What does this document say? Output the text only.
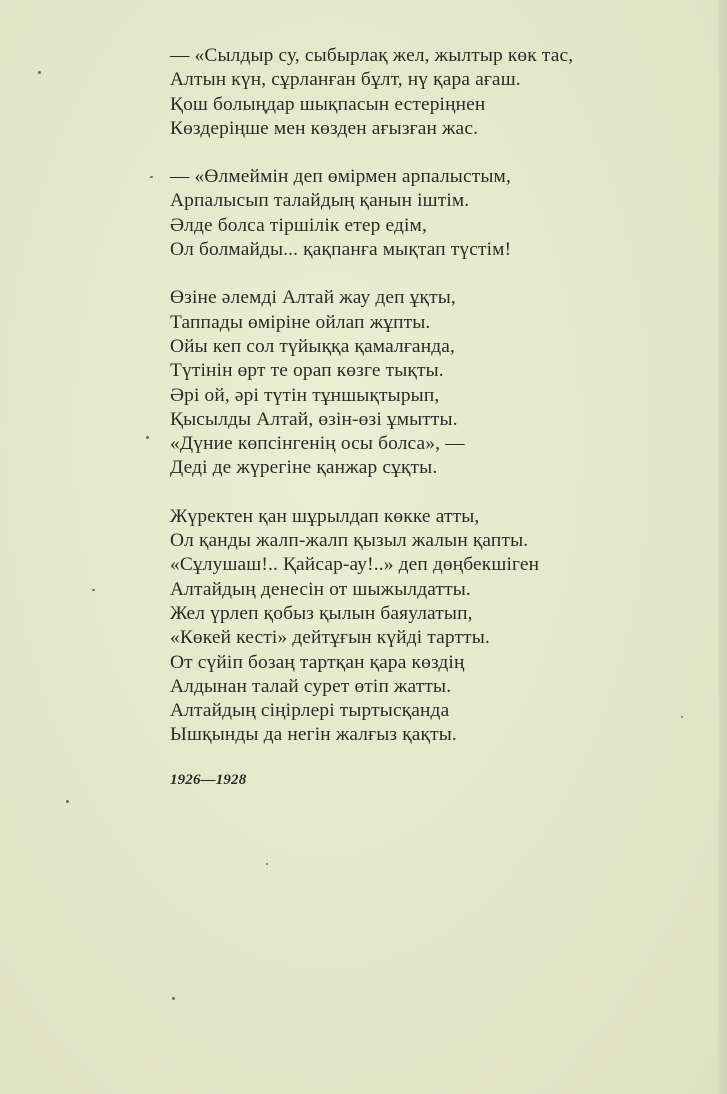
— «Сылдыр су, сыбырлақ жел, жылтыр көк тас,
Алтын күн, сұрланған бұлт, нү қара ағаш.
Қош болыңдар шықпасын естеріңнен
Көздеріңше мен көзден ағызған жас.
— «Өлмеймін деп өмірмен арпалыстым,
Арпалысып талайдың қанын іштім.
Әлде болса тіршілік етер едім,
Ол болмайды... қақпанға мықтап түстім!
Өзіне әлемді Алтай жау деп ұқты,
Таппады өміріне ойлап жұпты.
Ойы кеп сол түйыққа қамалғанда,
Түтінін өрт те орап көзге тықты.
Әрі ой, әрі түтін тұншықтырып,
Қысылды Алтай, өзін-өзі ұмытты.
«Дүние көпсінгенің осы болса», —
Деді де жүрегіне қанжар сұқты.
Жүректен қан шұрылдап көкке атты,
Ол қанды жалп-жалп қызыл жалын қапты.
«Сұлушаш!.. Қайсар-ау!..» деп дөңбекшіген
Алтайдың денесін от шыжылдатты.
Жел үрлеп қобыз қылын баяулатып,
«Көкей кесті» дейтұғын күйді тартты.
От сүйіп бозаң тартқан қара көздің
Алдынан талай сурет өтіп жатты.
Алтайдың сіңірлері тыртысқанда
Ышқынды да негін жалғыз қақты.
1926—1928
